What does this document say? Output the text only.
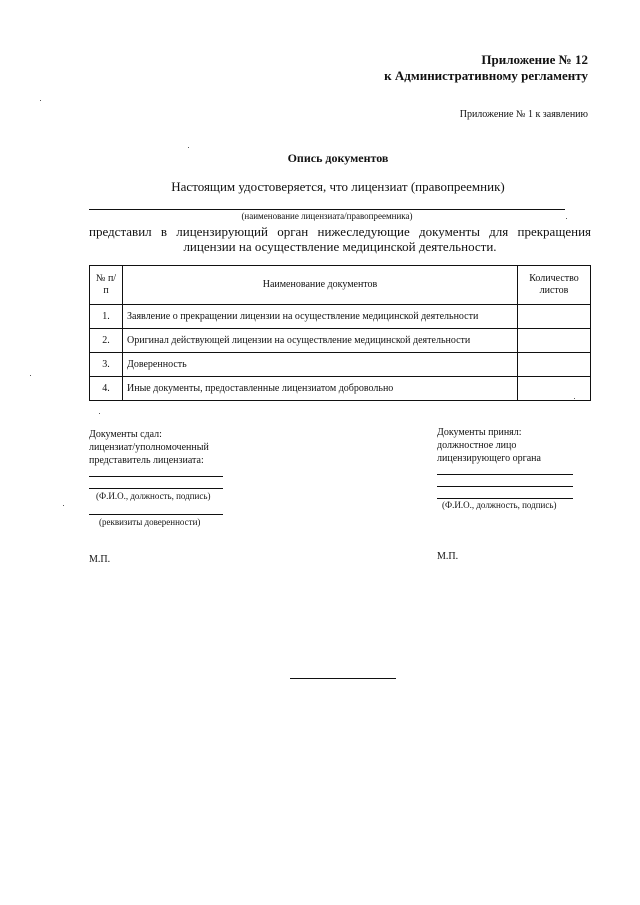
Приложение № 12
к Административному регламенту
Приложение № 1 к заявлению
Опись документов
Настоящим удостоверяется, что лицензиат (правопреемник)
(наименование лицензиата/правопреемника)
представил в лицензирующий орган нижеследующие документы для прекращения
лицензии на осуществление медицинской деятельности.
№ п/п	Наименование документов	Количество листов
1.	Заявление о прекращении лицензии на осуществление медицинской деятельности	
2.	Оригинал действующей лицензии на осуществление медицинской деятельности	
3.	Доверенность	
4.	Иные документы, предоставленные лицензиатом добровольно	
Документы сдал:
лицензиат/уполномоченный
представитель лицензиата:
(Ф.И.О., должность, подпись)
(реквизиты доверенности)
М.П.
Документы принял:
должностное лицо
лицензирующего органа
(Ф.И.О., должность, подпись)
М.П.
